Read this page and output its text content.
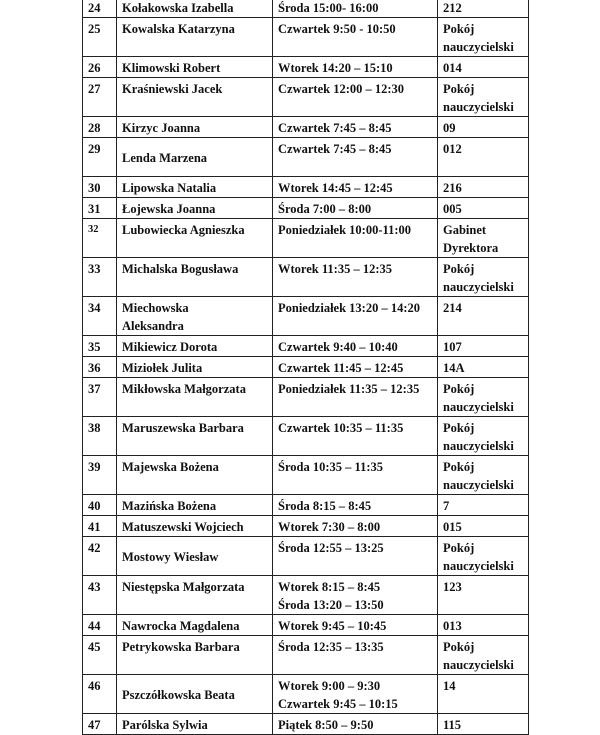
24	Kołakowska Izabella	Środa 15:00- 16:00	212

25	Kowalska Katarzyna	Czwartek 9:50 - 10:50	Pokój
nauczycielski

26	Klimowski Robert	Wtorek 14:20 – 15:10	014

27	Kraśniewski Jacek	Czwartek 12:00 – 12:30	Pokój
nauczycielski

28	Kirzyc Joanna	Czwartek 7:45 – 8:45	09

29	Lenda Marzena	Czwartek 7:45 – 8:45	012

30	Lipowska Natalia	Wtorek 14:45 – 12:45	216

31	Łojewska Joanna	Środa 7:00 – 8:00	005

32	Lubowiecka Agnieszka	Poniedziałek 10:00-11:00	Gabinet
Dyrektora

33	Michalska Bogusława	Wtorek 11:35 – 12:35	Pokój
nauczycielski

34	Miechowska
Aleksandra	Poniedziałek 13:20 – 14:20	214

35	Mikiewicz Dorota	Czwartek 9:40 – 10:40	107

36	Miziołek Julita	Czwartek 11:45 – 12:45	14A

37	Mikłowska Małgorzata	Poniedziałek 11:35 – 12:35	Pokój
nauczycielski

38	Maruszewska Barbara	Czwartek 10:35 – 11:35	Pokój
nauczycielski

39	Majewska Bożena	Środa 10:35 – 11:35	Pokój
nauczycielski

40	Mazińska Bożena	Środa 8:15 – 8:45	7

41	Matuszewski Wojciech	Wtorek 7:30 – 8:00	015

42	Mostowy Wiesław	Środa 12:55 – 13:25	Pokój
nauczycielski

43	Niestępska Małgorzata	Wtorek 8:15 – 8:45
Środa 13:20 – 13:50	123

44	Nawrocka Magdalena	Wtorek 9:45 – 10:45	013

45	Petrykowska Barbara	Środa 12:35 – 13:35	Pokój
nauczycielski

46	Pszczółkowska Beata	Wtorek 9:00 – 9:30
Czwartek 9:45 – 10:15	14

47	Parólska Sylwia	Piątek 8:50 – 9:50	115
